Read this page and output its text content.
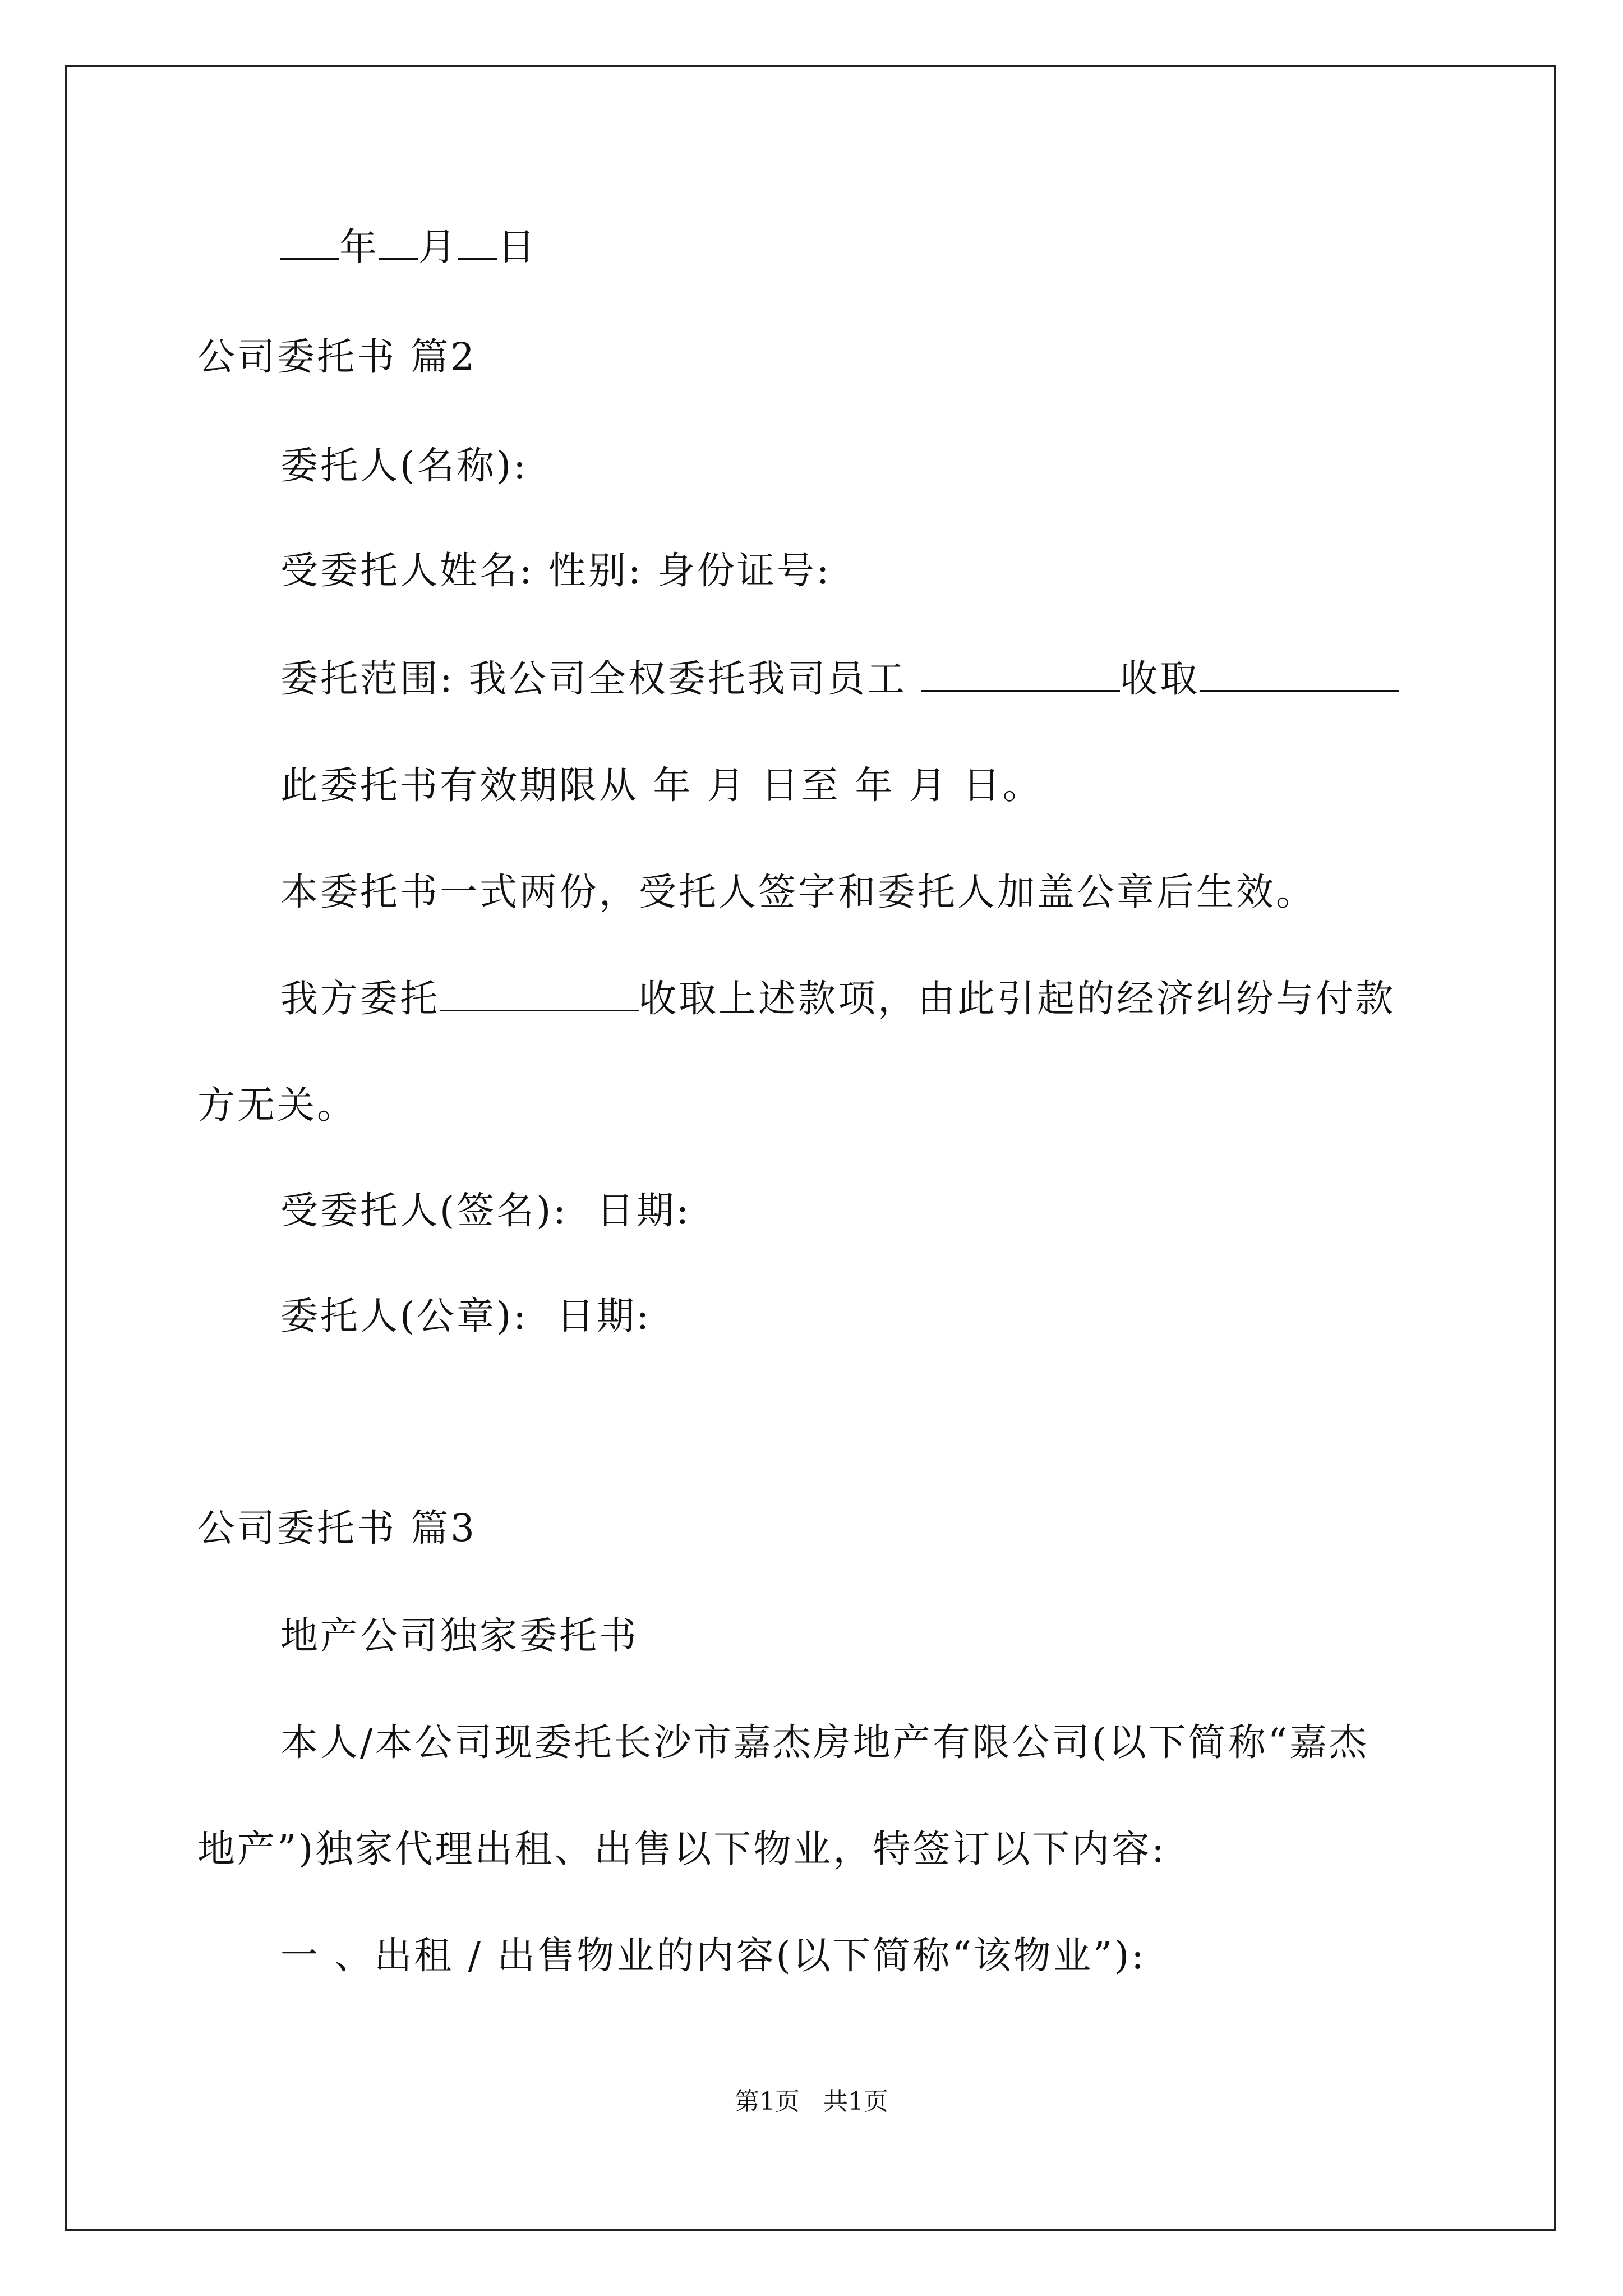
年 月 日
公司委托书 篇2
委托人(名称):
受委托人姓名: 性别: 身份证号:
委托范围: 我公司全权委托我司员工	收取
此委托书有效期限从 年 月 日至 年 月 日。
本委托书一式两份，受托人签字和委托人加盖公章后生效。
我方委托	收取上述款项，由此引起的经济纠纷与付款
方无关。
受委托人(签名):  日期:
委托人(公章):  日期:
公司委托书 篇3
地产公司独家委托书
本人/本公司现委托长沙市嘉杰房地产有限公司(以下简称“嘉杰
地产”)独家代理出租、出售以下物业，特签订以下内容:
一 、出租 / 出售物业的内容(以下简称“该物业”):
第1页   共1页
